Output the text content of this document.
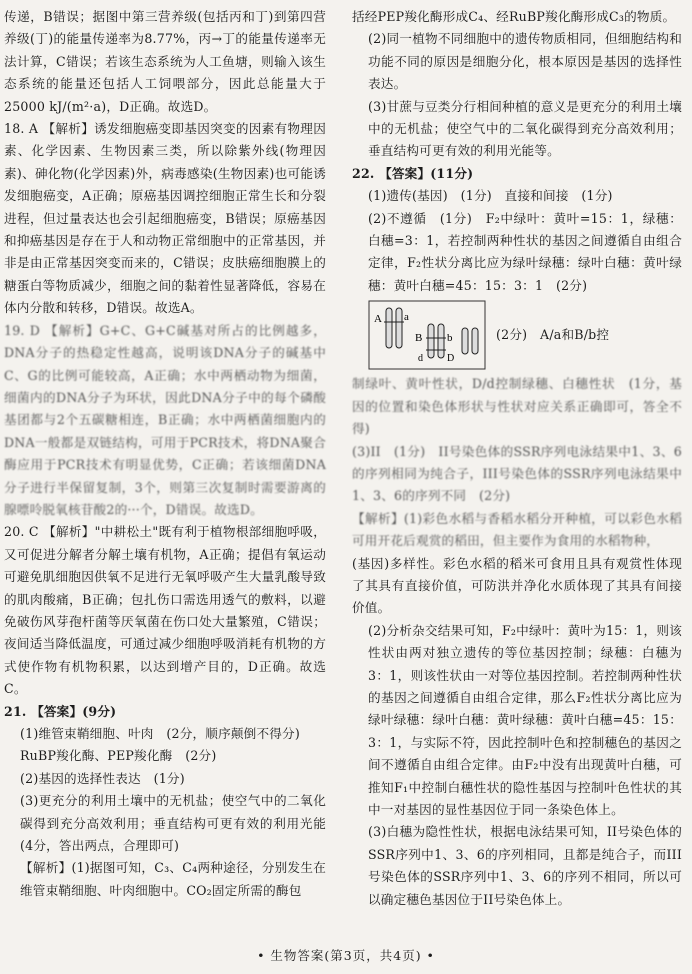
传递，B错误；据图中第三营养级(包括丙和丁)到第四营养级(丁)的能量传递率为8.77%，丙→丁的能量传递率无法计算，C错误；若该生态系统为人工鱼塘，则输入该生态系统的能量还包括人工饲喂部分，因此总能量大于25000 kJ/(m²·a)，D正确。故选D。

18. A 【解析】诱发细胞癌变即基因突变的因素有物理因素、化学因素、生物因素三类，所以除紫外线(物理因素)、砷化物(化学因素)外，病毒感染(生物因素)也可能诱发细胞癌变，A正确；原癌基因调控细胞正常生长和分裂进程，但过量表达也会引起细胞癌变，B错误；原癌基因和抑癌基因是存在于人和动物正常细胞中的正常基因，并非是由正常基因突变而来的，C错误；皮肤癌细胞膜上的糖蛋白等物质减少，细胞之间的黏着性显著降低，容易在体内分散和转移，D错误。故选A。

19. D 【解析】G+C、G+C碱基对所占的比例越多，DNA分子的热稳定性越高，说明该DNA分子的碱基中C、G的比例可能较高，A正确；水中两栖动物为细菌，细菌内的DNA分子为环状，因此DNA分子中的每个磷酸基团都与2个五碳糖相连，B正确；水中两栖菌细胞内的DNA一般都是双链结构，可用于PCR技术，将DNA聚合酶应用于PCR技术有明显优势，C正确；若该细菌DNA分子进行半保留复制，3个，则第三次复制时需要游离的腺嘌呤脱氧核苷酸2的···个，D错误。故选D。

20. C 【解析】"中耕松土"既有利于植物根部细胞呼吸，又可促进分解者分解土壤有机物，A正确；提倡有氧运动可避免肌细胞因供氧不足进行无氧呼吸产生大量乳酸导致的肌肉酸痛，B正确；包扎伤口需选用透气的敷料，以避免破伤风芽孢杆菌等厌氧菌在伤口处大量繁殖，C错误；夜间适当降低温度，可通过减少细胞呼吸消耗有机物的方式使作物有机物积累，以达到增产目的，D正确。故选C。

21. 【答案】(9分)

(1)维管束鞘细胞、叶肉　(2分，顺序颠倒不得分)

RuBP羧化酶、PEP羧化酶　(2分)

(2)基因的选择性表达　(1分)

(3)更充分的利用土壤中的无机盐；使空气中的二氧化碳得到充分高效利用；垂直结构可更有效的利用光能(4分，答出两点，合理即可)

【解析】(1)据图可知，C₃、C₄两种途径，分别发生在维管束鞘细胞、叶肉细胞中。CO₂固定所需的酶包

括经PEP羧化酶形成C₄、经RuBP羧化酶形成C₃的物质。

(2)同一植物不同细胞中的遗传物质相同，但细胞结构和功能不同的原因是细胞分化，根本原因是基因的选择性表达。

(3)甘蔗与豆类分行相间种植的意义是更充分的利用土壤中的无机盐；使空气中的二氧化碳得到充分高效利用；垂直结构可更有效的利用光能等。

22. 【答案】(11分)

(1)遗传(基因)　(1分)　直接和间接　(1分)

(2)不遵循　(1分)　F₂中绿叶：黄叶=15：1，绿穗：白穗=3：1，若控制两种性状的基因之间遵循自由组合定律，F₂性状分离比应为绿叶绿穗：绿叶白穗：黄叶绿穗：黄叶白穗=45：15：3：1　(2分)

A a
B b
d D
(2分)　A/a和B/b控

制绿叶、黄叶性状，D/d控制绿穗、白穗性状　(1分，基因的位置和染色体形状与性状对应关系正确即可，答全不得)

(3)II　(1分)　II号染色体的SSR序列电泳结果中1、3、6的序列相同为纯合子，III号染色体的SSR序列电泳结果中1、3、6的序列不同　(2分)

【解析】(1)彩色水稻与香稻水稻分开种植，可以彩色水稻可用开花后观赏的稻田，但主要作为食用的水稻物种，

(基因)多样性。彩色水稻的稻米可食用且具有观赏性体现了其具有直接价值，可防洪并净化水质体现了其具有间接价值。

(2)分析杂交结果可知，F₂中绿叶：黄叶为15：1，则该性状由两对独立遗传的等位基因控制；绿穗：白穗为3：1，则该性状由一对等位基因控制。若控制两种性状的基因之间遵循自由组合定律，那么F₂性状分离比应为绿叶绿穗：绿叶白穗：黄叶绿穗：黄叶白穗=45：15：3：1，与实际不符，因此控制叶色和控制穗色的基因之间不遵循自由组合定律。由F₂中没有出现黄叶白穗，可推知F₁中控制白穗性状的隐性基因与控制叶色性状的其中一对基因的显性基因位于同一条染色体上。

(3)白穗为隐性性状，根据电泳结果可知，II号染色体的SSR序列中1、3、6的序列相同，且都是纯合子，而III号染色体的SSR序列中1、3、6的序列不相同，所以可以确定穗色基因位于II号染色体上。

• 生物答案(第3页，共4页) •
